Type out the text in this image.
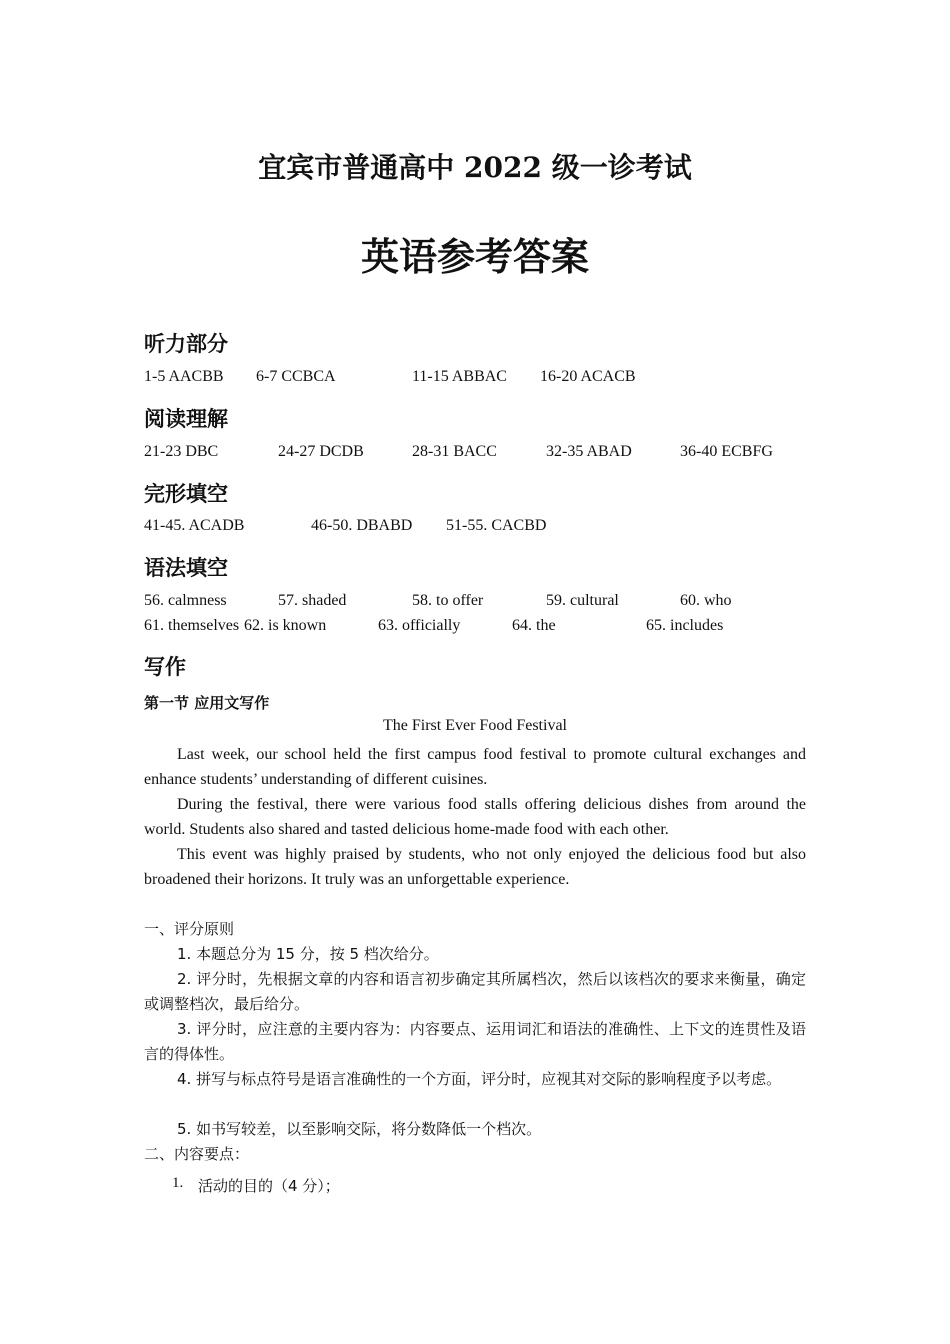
宜宾市普通高中 2022 级一诊考试
英语参考答案
听力部分
1-5 AACBB 6-7 CCBCA	11-15 ABBAC 16-20 ACACB
阅读理解
21-23 DBC	24-27 DCDB	28-31 BACC	32-35 ABAD	36-40 ECBFG
完形填空
41-45. ACADB	46-50. DBABD 51-55. CACBD
语法填空
56. calmness	57. shaded	58. to offer	59. cultural	60. who
61. themselves 62. is known	63. officially	64. the	65. includes
写作
第一节 应用文写作
The First Ever Food Festival

Last week, our school held the first campus food festival to promote cultural exchanges and enhance students’ understanding of different cuisines.

During the festival, there were various food stalls offering delicious dishes from around the world. Students also shared and tasted delicious home-made food with each other.

This event was highly praised by students, who not only enjoyed the delicious food but also broadened their horizons. It truly was an unforgettable experience.

一、评分原则

1. 本题总分为 15 分，按 5 档次给分。

2. 评分时，先根据文章的内容和语言初步确定其所属档次，然后以该档次的要求来衡量，确定或调整档次，最后给分。

3. 评分时，应注意的主要内容为：内容要点、运用词汇和语法的准确性、上下文的连贯性及语言的得体性。

4. 拼写与标点符号是语言准确性的一个方面，评分时，应视其对交际的影响程度予以考虑。

5. 如书写较差，以至影响交际，将分数降低一个档次。

二、内容要点：

1. 活动的目的（4 分）；
